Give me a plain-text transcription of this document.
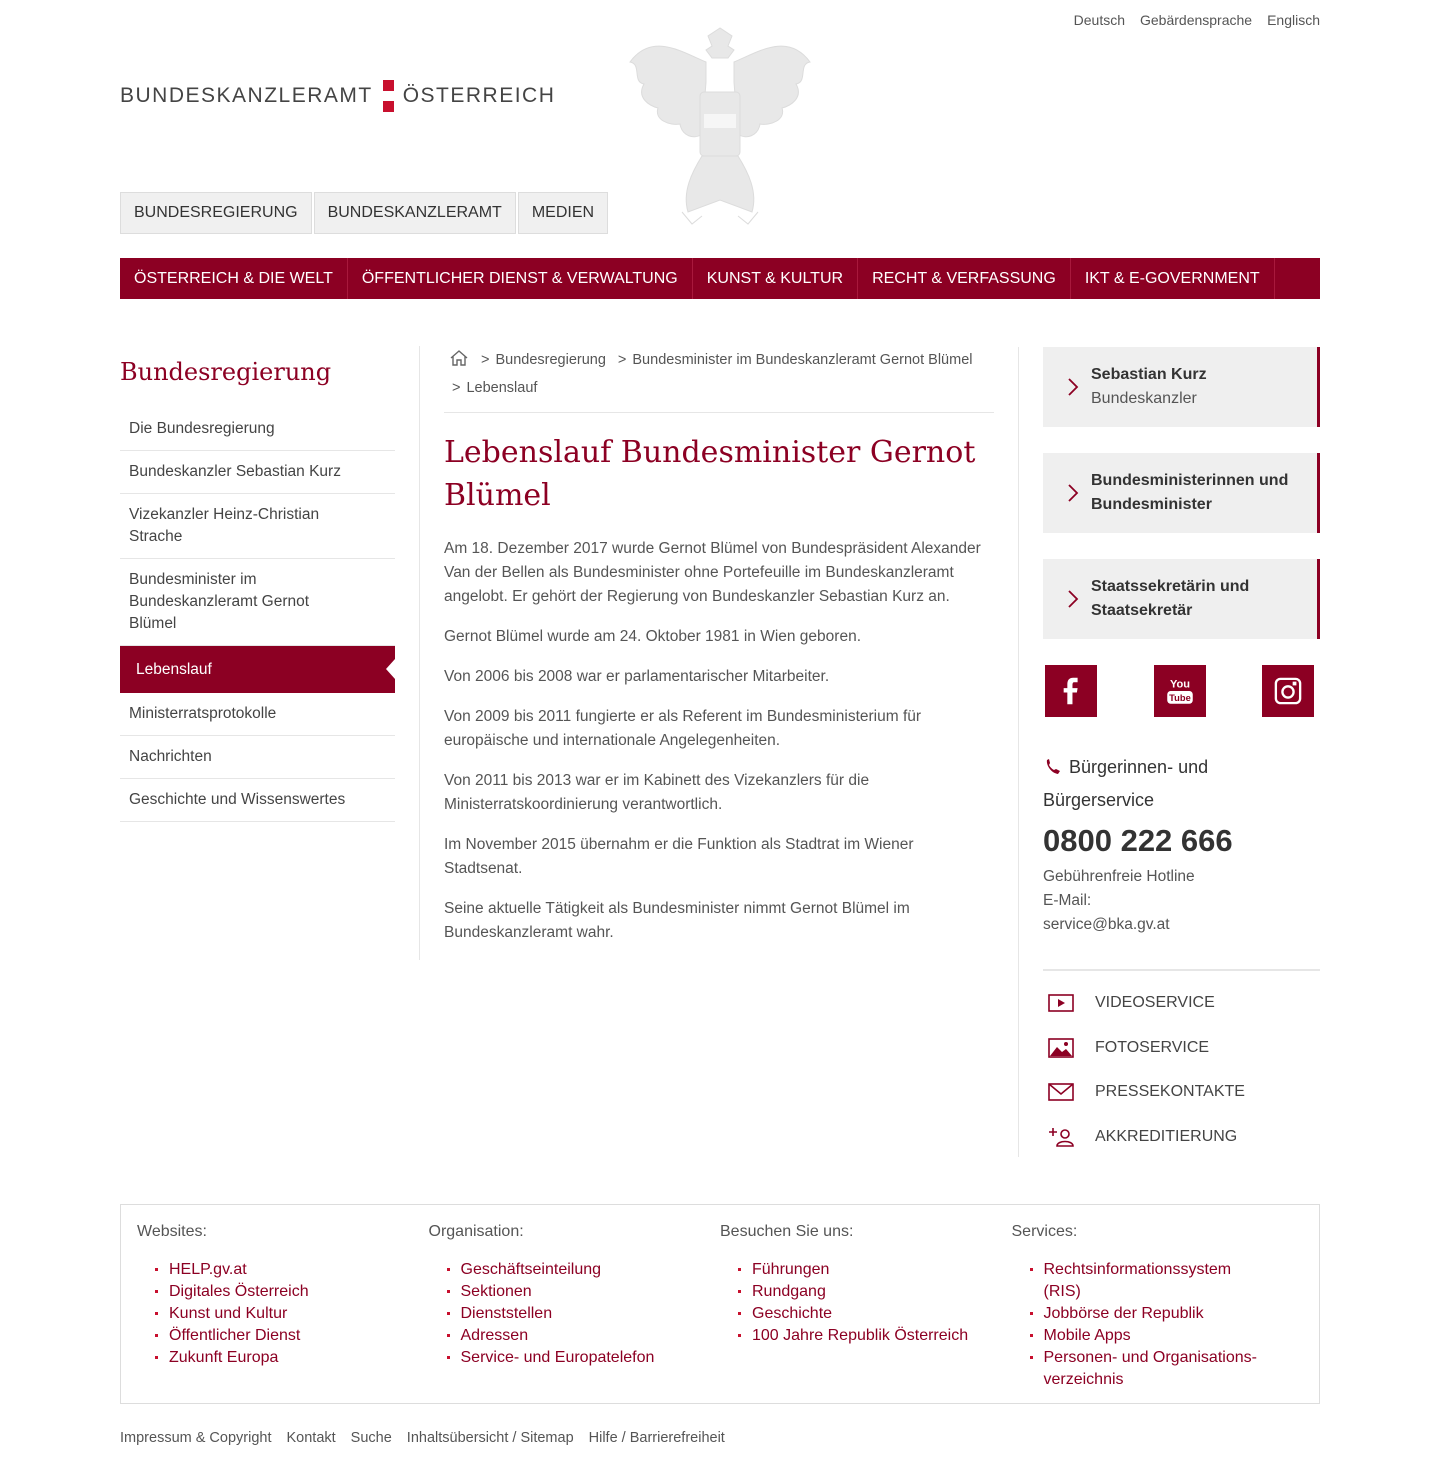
Deutsch Gebärdensprache Englisch
BUNDESKANZLERAMT ÖSTERREICH
BUNDESREGIERUNG	BUNDESKANZLERAMT	MEDIEN
ÖSTERREICH & DIE WELT	ÖFFENTLICHER DIENST & VERWALTUNG	KUNST & KULTUR	RECHT & VERFASSUNG	IKT & E-GOVERNMENT
Bundesregierung
Die Bundesregierung
Bundeskanzler Sebastian Kurz
Vizekanzler Heinz-Christian Strache
Bundesminister im Bundeskanzleramt Gernot Blümel
Lebenslauf
Ministerratsprotokolle
Nachrichten
Geschichte und Wissenswertes
> Bundesregierung > Bundesminister im Bundeskanzleramt Gernot Blümel
> Lebenslauf
Lebenslauf Bundesminister Gernot Blümel

Am 18. Dezember 2017 wurde Gernot Blümel von Bundespräsident Alexander Van der Bellen als Bundesminister ohne Portefeuille im Bundeskanzleramt angelobt. Er gehört der Regierung von Bundeskanzler Sebastian Kurz an.

Gernot Blümel wurde am 24. Oktober 1981 in Wien geboren.

Von 2006 bis 2008 war er parlamentarischer Mitarbeiter.

Von 2009 bis 2011 fungierte er als Referent im Bundesministerium für europäische und internationale Angelegenheiten.

Von 2011 bis 2013 war er im Kabinett des Vizekanzlers für die Ministerratskoordinierung verantwortlich.

Im November 2015 übernahm er die Funktion als Stadtrat im Wiener Stadtsenat.

Seine aktuelle Tätigkeit als Bundesminister nimmt Gernot Blümel im Bundeskanzleramt wahr.

Sebastian Kurz
Bundeskanzler
Bundesministerinnen und Bundesminister
Staatssekretärin und Staatsekretär
You
Tube
Bürgerinnen- und Bürgerservice
0800 222 666
Gebührenfreie Hotline
E-Mail:
service@bka.gv.at
VIDEOSERVICE
FOTOSERVICE
PRESSEKONTAKTE
AKKREDITIERUNG
Websites:
HELP.gv.at
Digitales Österreich
Kunst und Kultur
Öffentlicher Dienst
Zukunft Europa
Organisation:
Geschäftseinteilung
Sektionen
Dienststellen
Adressen
Service- und Europatelefon
Besuchen Sie uns:
Führungen
Rundgang
Geschichte
100 Jahre Republik Österreich
Services:
Rechtsinformationssystem (RIS)
Jobbörse der Republik
Mobile Apps
Personen- und Organisations-verzeichnis
Impressum & Copyright Kontakt Suche Inhaltsübersicht / Sitemap Hilfe / Barrierefreiheit
